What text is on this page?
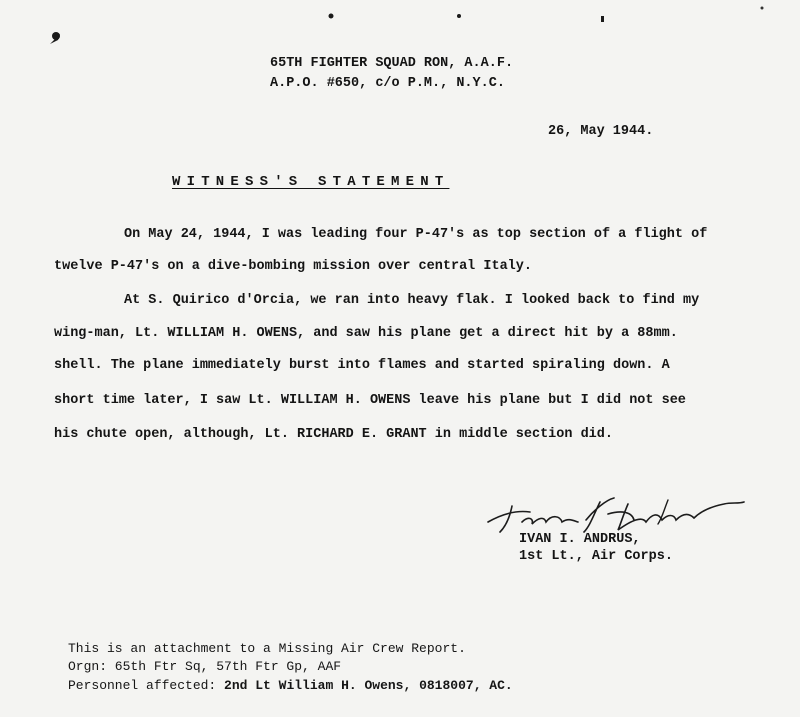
65TH FIGHTER SQUAD RON, A.A.F.
A.P.O. #650, c/o P.M., N.Y.C.
26, May 1944.
WITNESS'S STATEMENT
On May 24, 1944, I was leading four P-47's as top section of a flight of
twelve P-47's on a dive-bombing mission over central Italy.
At S. Quirico d'Orcia, we ran into heavy flak. I looked back to find my
wing-man, Lt. WILLIAM H. OWENS, and saw his plane get a direct hit by a 88mm.
shell. The plane immediately burst into flames and started spiraling down. A
short time later, I saw Lt. WILLIAM H. OWENS leave his plane but I did not see
his chute open, although, Lt. RICHARD E. GRANT in middle section did.
IVAN I. ANDRUS,
1st Lt., Air Corps.
This is an attachment to a Missing Air Crew Report.
Orgn: 65th Ftr Sq, 57th Ftr Gp, AAF
Personnel affected: 2nd Lt William H. Owens, 0818007, AC.
